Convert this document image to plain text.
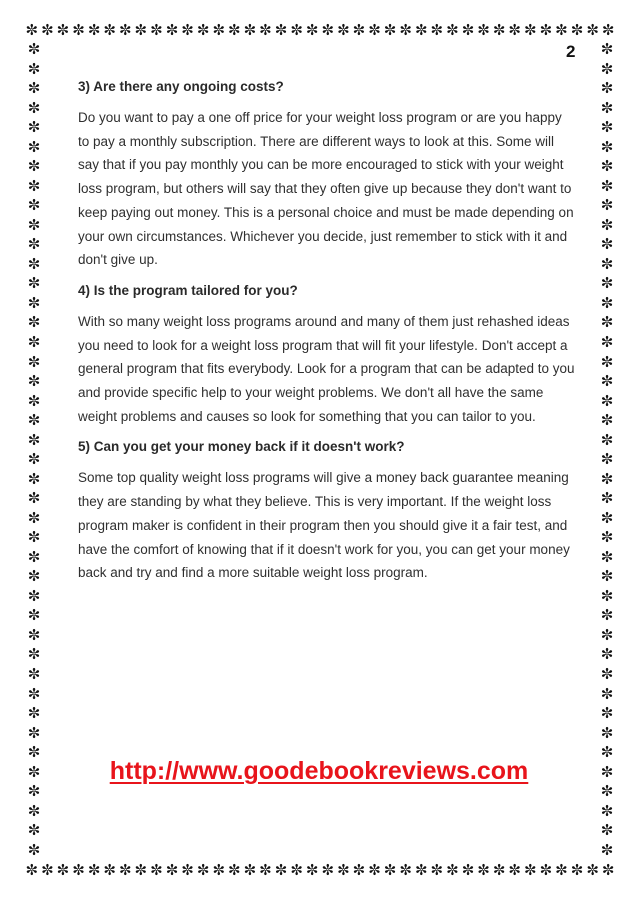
✼ ✼ ✼ ✼ ✼ ✼ ✼ ✼ ✼ ✼ ✼ ✼ ✼ ✼ ✼ ✼ ✼ ✼ ✼ ✼ ✼ ✼ ✼ ✼ ✼ ✼ ✼ ✼ ✼ ✼ ✼ ✼ ✼ ✼ ✼ ✼ ✼ ✼
✼
✼
✼
✼
✼
✼
✼
✼
✼
✼
✼
✼
✼
✼
✼
✼
✼
✼
✼
✼
✼
✼
✼
✼
✼
✼
✼
✼
✼
✼
✼
✼
✼
✼
✼
✼
✼
✼
✼
✼
✼
✼
✼
✼
✼
✼
✼
✼
✼
✼
✼
✼
✼
✼
✼
✼
✼
✼
✼
✼
✼
✼
✼
✼
✼
✼
✼
✼
✼
✼
✼
✼
✼
✼
✼
✼
✼
✼
✼
✼
✼
✼
✼
✼
✼ ✼ ✼ ✼ ✼ ✼ ✼ ✼ ✼ ✼ ✼ ✼ ✼ ✼ ✼ ✼ ✼ ✼ ✼ ✼ ✼ ✼ ✼ ✼ ✼ ✼ ✼ ✼ ✼ ✼ ✼ ✼ ✼ ✼ ✼ ✼ ✼ ✼
2

3) Are there any ongoing costs?

Do you want to pay a one off price for your weight loss program or are you happy to pay a monthly subscription. There are different ways to look at this. Some will say that if you pay monthly you can be more encouraged to stick with your weight loss program, but others will say that they often give up because they don't want to keep paying out money. This is a personal choice and must be made depending on your own circumstances. Whichever you decide, just remember to stick with it and don't give up.

4) Is the program tailored for you?

With so many weight loss programs around and many of them just rehashed ideas you need to look for a weight loss program that will fit your lifestyle. Don't accept a general program that fits everybody. Look for a program that can be adapted to you and provide specific help to your weight problems. We don't all have the same weight problems and causes so look for something that you can tailor to you.

5) Can you get your money back if it doesn't work?

Some top quality weight loss programs will give a money back guarantee meaning they are standing by what they believe. This is very important. If the weight loss program maker is confident in their program then you should give it a fair test, and have the comfort of knowing that if it doesn't work for you, you can get your money back and try and find a more suitable weight loss program.

http://www.goodebookreviews.com
